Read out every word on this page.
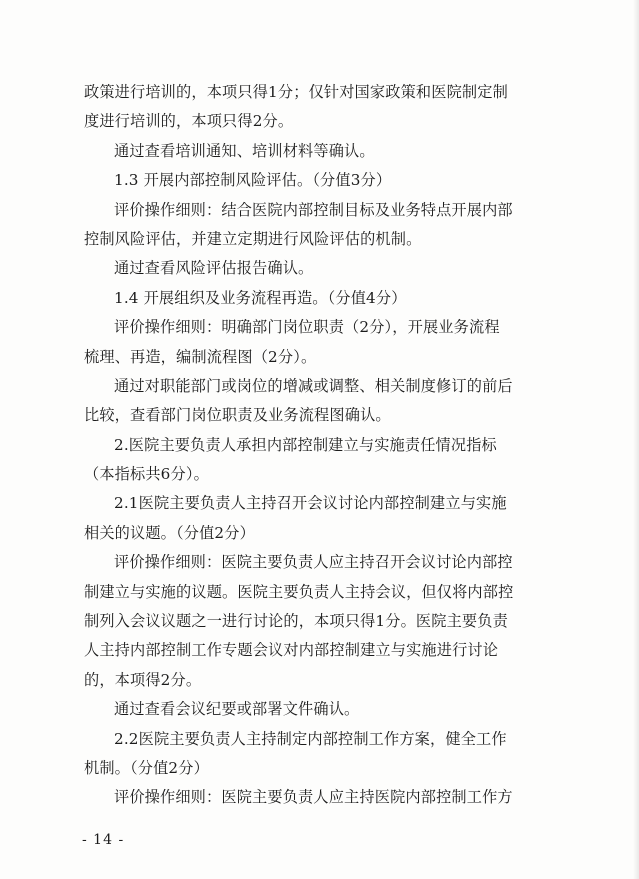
政策进行培训的，本项只得1分；仅针对国家政策和医院制定制
度进行培训的，本项只得2分。
通过查看培训通知、培训材料等确认。
1.3 开展内部控制风险评估。（分值3分）
评价操作细则：结合医院内部控制目标及业务特点开展内部
控制风险评估，并建立定期进行风险评估的机制。
通过查看风险评估报告确认。
1.4 开展组织及业务流程再造。（分值4分）
评价操作细则：明确部门岗位职责（2分），开展业务流程
梳理、再造，编制流程图（2分）。
通过对职能部门或岗位的增减或调整、相关制度修订的前后
比较，查看部门岗位职责及业务流程图确认。
2.医院主要负责人承担内部控制建立与实施责任情况指标
（本指标共6分）。
2.1医院主要负责人主持召开会议讨论内部控制建立与实施
相关的议题。（分值2分）
评价操作细则：医院主要负责人应主持召开会议讨论内部控
制建立与实施的议题。医院主要负责人主持会议，但仅将内部控
制列入会议议题之一进行讨论的，本项只得1分。医院主要负责
人主持内部控制工作专题会议对内部控制建立与实施进行讨论
的，本项得2分。
通过查看会议纪要或部署文件确认。
2.2医院主要负责人主持制定内部控制工作方案，健全工作
机制。（分值2分）
评价操作细则：医院主要负责人应主持医院内部控制工作方
- 14 -
